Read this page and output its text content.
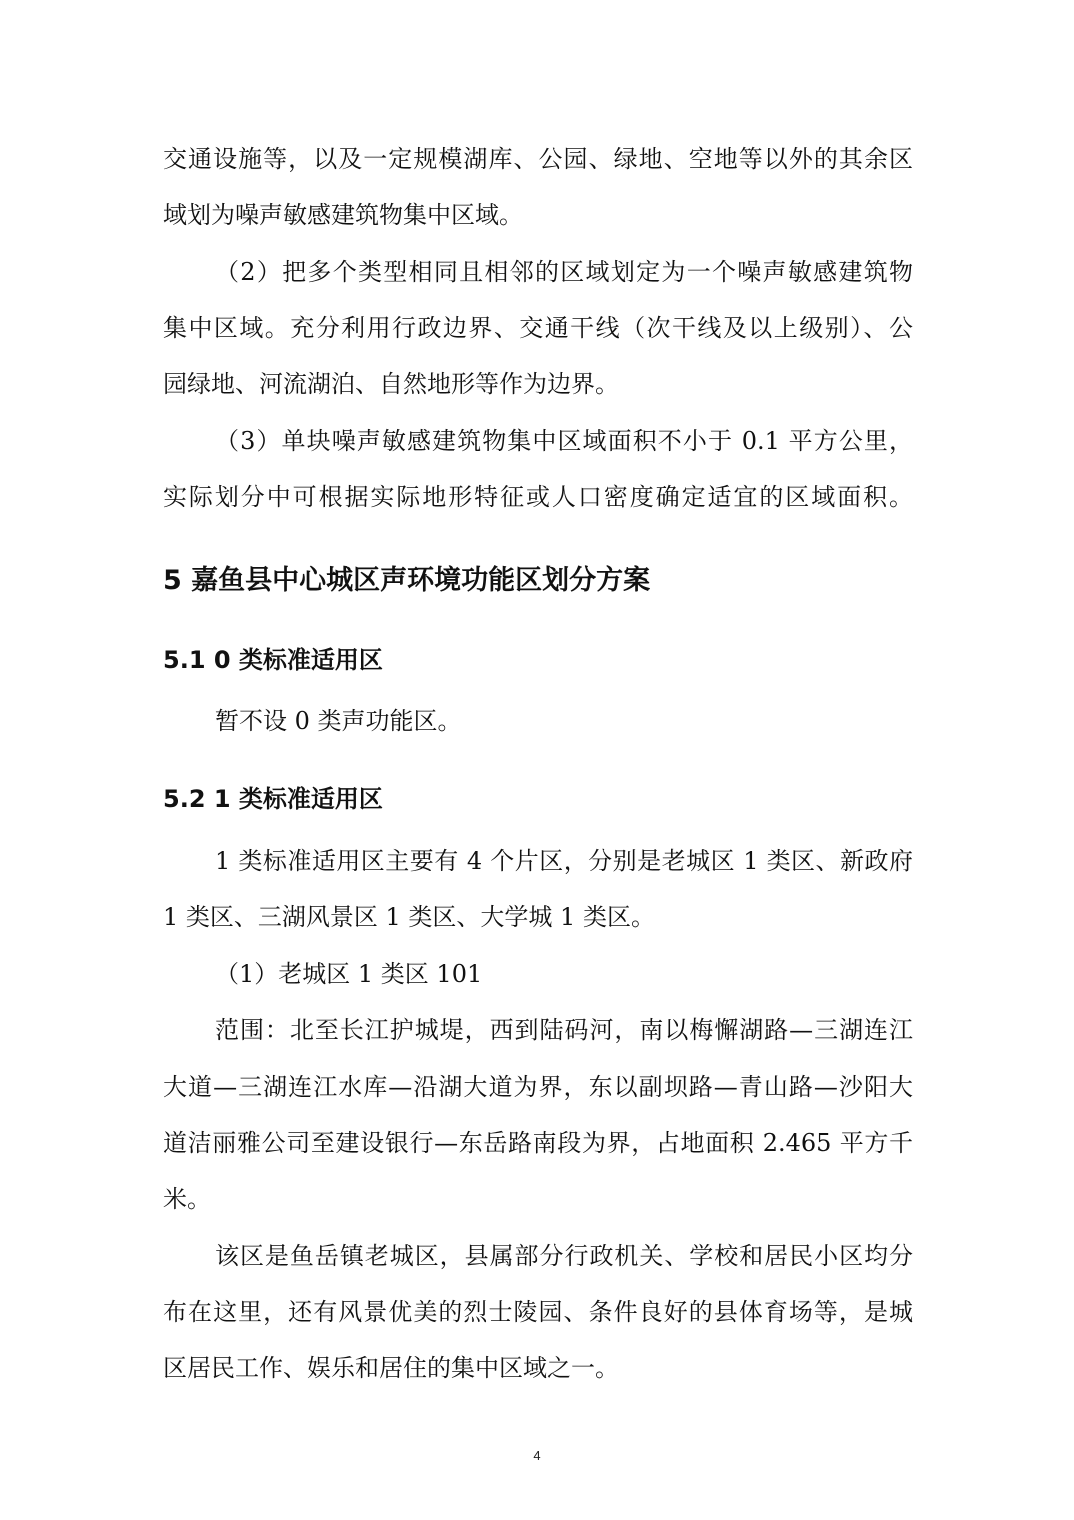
交通设施等，以及一定规模湖库、公园、绿地、空地等以外的其余区
域划为噪声敏感建筑物集中区域。
（2）把多个类型相同且相邻的区域划定为一个噪声敏感建筑物
集中区域。充分利用行政边界、交通干线（次干线及以上级别）、公
园绿地、河流湖泊、自然地形等作为边界。
（3）单块噪声敏感建筑物集中区域面积不小于 0.1 平方公里，
实际划分中可根据实际地形特征或人口密度确定适宜的区域面积。
5 嘉鱼县中心城区声环境功能区划分方案
5.1 0 类标准适用区
暂不设 0 类声功能区。
5.2 1 类标准适用区
1 类标准适用区主要有 4 个片区，分别是老城区 1 类区、新政府
1 类区、三湖风景区 1 类区、大学城 1 类区。
（1）老城区 1 类区 101
范围：北至长江护城堤，西到陆码河，南以梅懈湖路—三湖连江
大道—三湖连江水库—沿湖大道为界，东以副坝路—青山路—沙阳大
道洁丽雅公司至建设银行—东岳路南段为界，占地面积 2.465 平方千
米。
该区是鱼岳镇老城区，县属部分行政机关、学校和居民小区均分
布在这里，还有风景优美的烈士陵园、条件良好的县体育场等，是城
区居民工作、娱乐和居住的集中区域之一。
4
